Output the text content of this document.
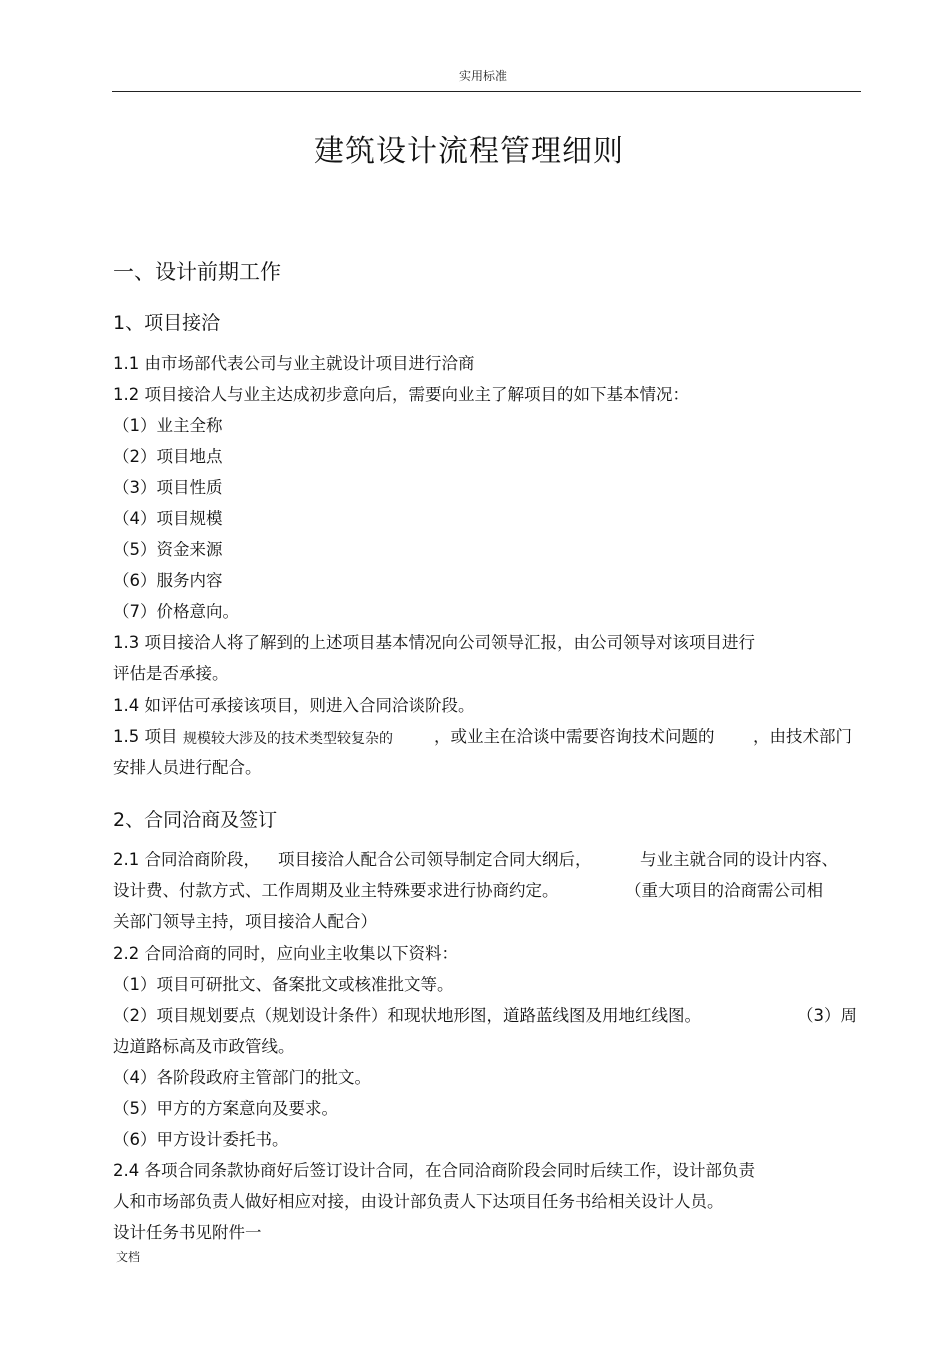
实用标准
建筑设计流程管理细则
一、设计前期工作
1、项目接洽
1.1 由市场部代表公司与业主就设计项目进行洽商
1.2 项目接洽人与业主达成初步意向后，需要向业主了解项目的如下基本情况：
（1）业主全称
（2）项目地点
（3）项目性质
（4）项目规模
（5）资金来源
（6）服务内容
（7）价格意向。
1.3 项目接洽人将了解到的上述项目基本情况向公司领导汇报，由公司领导对该项目进行
评估是否承接。
1.4 如评估可承接该项目，则进入合同洽谈阶段。
1.5 项目 规模较大涉及的技术类型较复杂的 ，或业主在洽谈中需要咨询技术问题的 ，由技术部门
安排人员进行配合。
2、合同洽商及签订
2.1 合同洽商阶段， 项目接洽人配合公司领导制定合同大纲后，	与业主就合同的设计内容、
设计费、付款方式、工作周期及业主特殊要求进行协商约定。	（重大项目的洽商需公司相
关部门领导主持，项目接洽人配合）
2.2 合同洽商的同时，应向业主收集以下资料：
（1）项目可研批文、备案批文或核准批文等。
（2）项目规划要点（规划设计条件）和现状地形图，道路蓝线图及用地红线图。	（3）周
边道路标高及市政管线。
（4）各阶段政府主管部门的批文。
（5）甲方的方案意向及要求。
（6）甲方设计委托书。
2.4 各项合同条款协商好后签订设计合同，在合同洽商阶段会同时后续工作，设计部负责
人和市场部负责人做好相应对接，由设计部负责人下达项目任务书给相关设计人员。
设计任务书见附件一
文档
